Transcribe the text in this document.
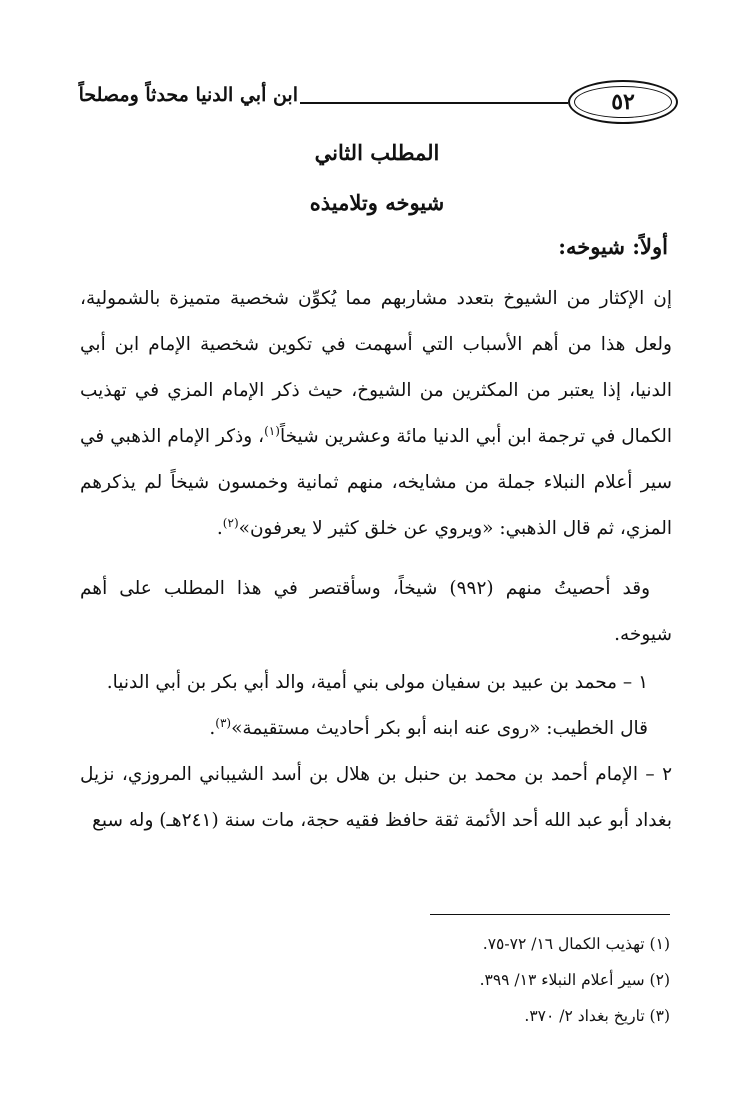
٥٢
ابن أبي الدنيا محدثاً ومصلحاً
المطلب الثاني
شيوخه وتلاميذه
أولاً: شيوخه:
إن الإكثار من الشيوخ بتعدد مشاربهم مما يُكوِّن شخصية متميزة بالشمولية، ولعل هذا من أهم الأسباب التي أسهمت في تكوين شخصية الإمام ابن أبي الدنيا، إذا يعتبر من المكثرين من الشيوخ، حيث ذكر الإمام المزي في تهذيب الكمال في ترجمة ابن أبي الدنيا مائة وعشرين شيخاً$^{(١)}$، وذكر الإمام الذهبي في سير أعلام النبلاء جملة من مشايخه، منهم ثمانية وخمسون شيخاً لم يذكرهم المزي، ثم قال الذهبي: «ويروي عن خلق كثير لا يعرفون»$^{(٢)}$.
وقد أحصيتُ منهم (٩٩٢) شيخاً، وسأقتصر في هذا المطلب على أهم شيوخه.
١ – محمد بن عبيد بن سفيان مولى بني أمية، والد أبي بكر بن أبي الدنيا.
قال الخطيب: «روى عنه ابنه أبو بكر أحاديث مستقيمة»$^{(٣)}$.
٢ – الإمام أحمد بن محمد بن حنبل بن هلال بن أسد الشيباني المروزي، نزيل بغداد أبو عبد الله أحد الأئمة ثقة حافظ فقيه حجة، مات سنة (٢٤١هـ) وله سبع
(١) تهذيب الكمال ١٦/ ٧٢-٧٥.
(٢) سير أعلام النبلاء ١٣/ ٣٩٩.
(٣) تاريخ بغداد ٢/ ٣٧٠.
